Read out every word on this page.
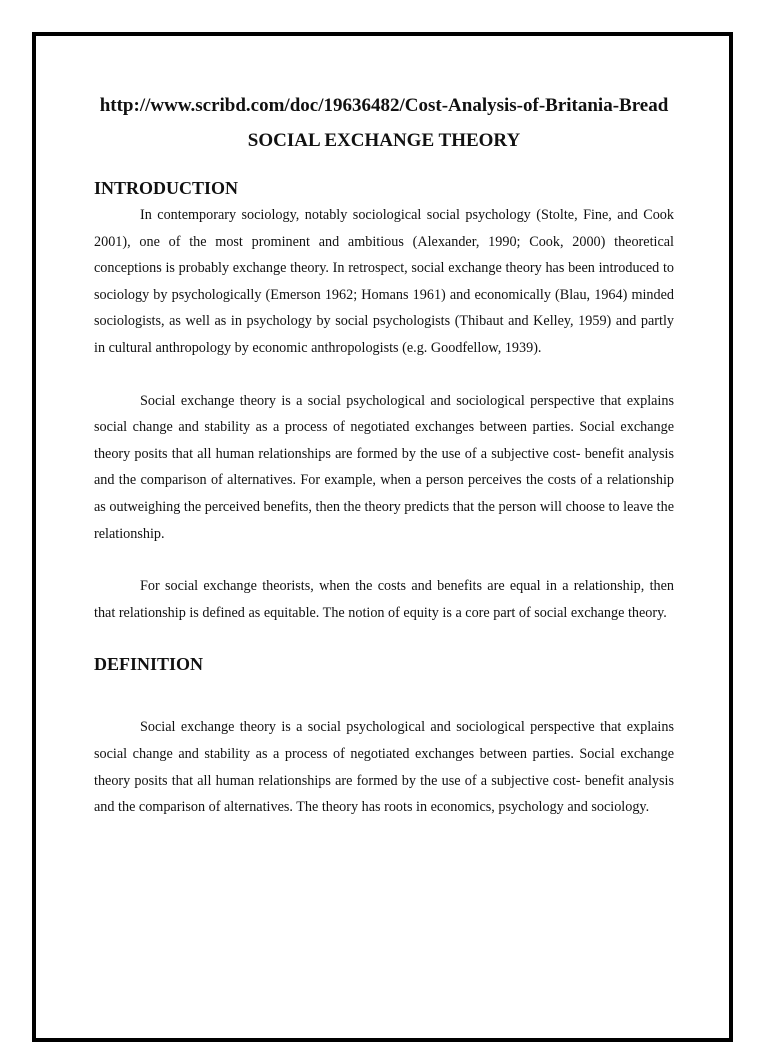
http://www.scribd.com/doc/19636482/Cost-Analysis-of-Britania-Bread
SOCIAL EXCHANGE THEORY
INTRODUCTION

In contemporary sociology, notably sociological social psychology (Stolte, Fine, and Cook 2001), one of the most prominent and ambitious (Alexander, 1990; Cook, 2000) theoretical conceptions is probably exchange theory. In retrospect, social exchange theory has been introduced to sociology by psychologically (Emerson 1962; Homans 1961) and economically (Blau, 1964) minded sociologists, as well as in psychology by social psychologists (Thibaut and Kelley, 1959) and partly in cultural anthropology by economic anthropologists (e.g. Goodfellow, 1939).

Social exchange theory is a social psychological and sociological perspective that explains social change and stability as a process of negotiated exchanges between parties. Social exchange theory posits that all human relationships are formed by the use of a subjective cost- benefit analysis and the comparison of alternatives. For example, when a person perceives the costs of a relationship as outweighing the perceived benefits, then the theory predicts that the person will choose to leave the relationship.

For social exchange theorists, when the costs and benefits are equal in a relationship, then that relationship is defined as equitable. The notion of equity is a core part of social exchange theory.

DEFINITION

Social exchange theory is a social psychological and sociological perspective that explains social change and stability as a process of negotiated exchanges between parties. Social exchange theory posits that all human relationships are formed by the use of a subjective cost- benefit analysis and the comparison of alternatives. The theory has roots in economics, psychology and sociology.
